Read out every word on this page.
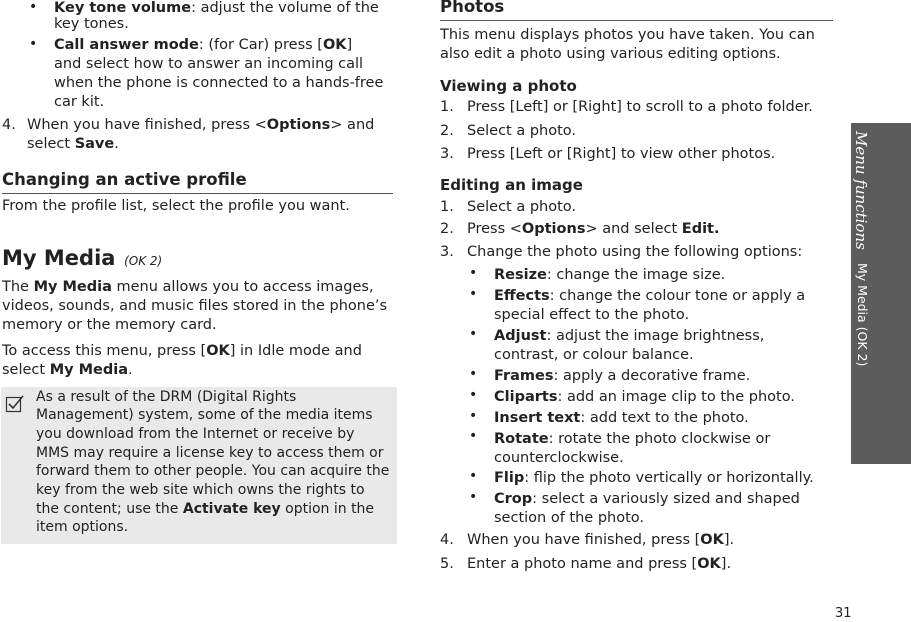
• Key tone volume: adjust the volume of the
key tones.
• Call answer mode: (for Car) press [OK]
and select how to answer an incoming call
when the phone is connected to a hands-free
car kit.
4. When you have finished, press <Options> and
select Save.
Changing an active profile
From the profile list, select the profile you want.
My Media (OK 2)
The My Media menu allows you to access images,
videos, sounds, and music files stored in the phone’s
memory or the memory card.
To access this menu, press [OK] in Idle mode and
select My Media.
As a result of the DRM (Digital Rights
Management) system, some of the media items
you download from the Internet or receive by
MMS may require a license key to access them or
forward them to other people. You can acquire the
key from the web site which owns the rights to
the content; use the Activate key option in the
item options.
Photos
This menu displays photos you have taken. You can
also edit a photo using various editing options.
Viewing a photo
1. Press [Left] or [Right] to scroll to a photo folder.
2. Select a photo.
3. Press [Left or [Right] to view other photos.
Editing an image
1. Select a photo.
2. Press <Options> and select Edit.
3. Change the photo using the following options:
• Resize: change the image size.
• Effects: change the colour tone or apply a
special effect to the photo.
• Adjust: adjust the image brightness,
contrast, or colour balance.
• Frames: apply a decorative frame.
• Cliparts: add an image clip to the photo.
• Insert text: add text to the photo.
• Rotate: rotate the photo clockwise or
counterclockwise.
• Flip: flip the photo vertically or horizontally.
• Crop: select a variously sized and shaped
section of the photo.
4. When you have finished, press [OK].
5. Enter a photo name and press [OK].
Menu functions
My Media (OK 2)
31
